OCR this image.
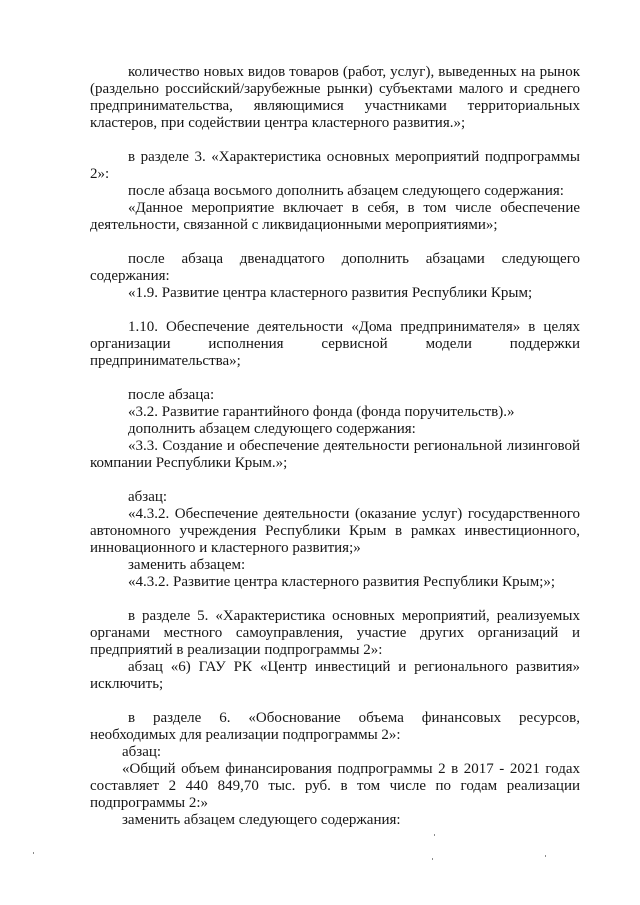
количество новых видов товаров (работ, услуг), выведенных на рынок (раздельно российский/зарубежные рынки) субъектами малого и среднего предпринимательства, являющимися участниками территориальных кластеров, при содействии центра кластерного развития.»;

в разделе 3. «Характеристика основных мероприятий подпрограммы 2»:

после абзаца восьмого дополнить абзацем следующего содержания:

«Данное мероприятие включает в себя, в том числе обеспечение деятельности, связанной с ликвидационными мероприятиями»;

после абзаца двенадцатого дополнить абзацами следующего содержания:

«1.9. Развитие центра кластерного развития Республики Крым;

1.10. Обеспечение деятельности «Дома предпринимателя» в целях организации исполнения сервисной модели поддержки предпринимательства»;

после абзаца:

«3.2. Развитие гарантийного фонда (фонда поручительств).»

дополнить абзацем следующего содержания:

«3.3. Создание и обеспечение деятельности региональной лизинговой компании Республики Крым.»;

абзац:

«4.3.2. Обеспечение деятельности (оказание услуг) государственного автономного учреждения Республики Крым в рамках инвестиционного, инновационного и кластерного развития;»

заменить абзацем:

«4.3.2. Развитие центра кластерного развития Республики Крым;»;

в разделе 5. «Характеристика основных мероприятий, реализуемых органами местного самоуправления, участие других организаций и предприятий в реализации подпрограммы 2»:

абзац «6) ГАУ РК «Центр инвестиций и регионального развития» исключить;

в разделе 6. «Обоснование объема финансовых ресурсов, необходимых для реализации подпрограммы 2»:

абзац:

«Общий объем финансирования подпрограммы 2 в 2017 - 2021 годах составляет 2 440 849,70 тыс. руб. в том числе по годам реализации подпрограммы 2:»

заменить абзацем следующего содержания:
